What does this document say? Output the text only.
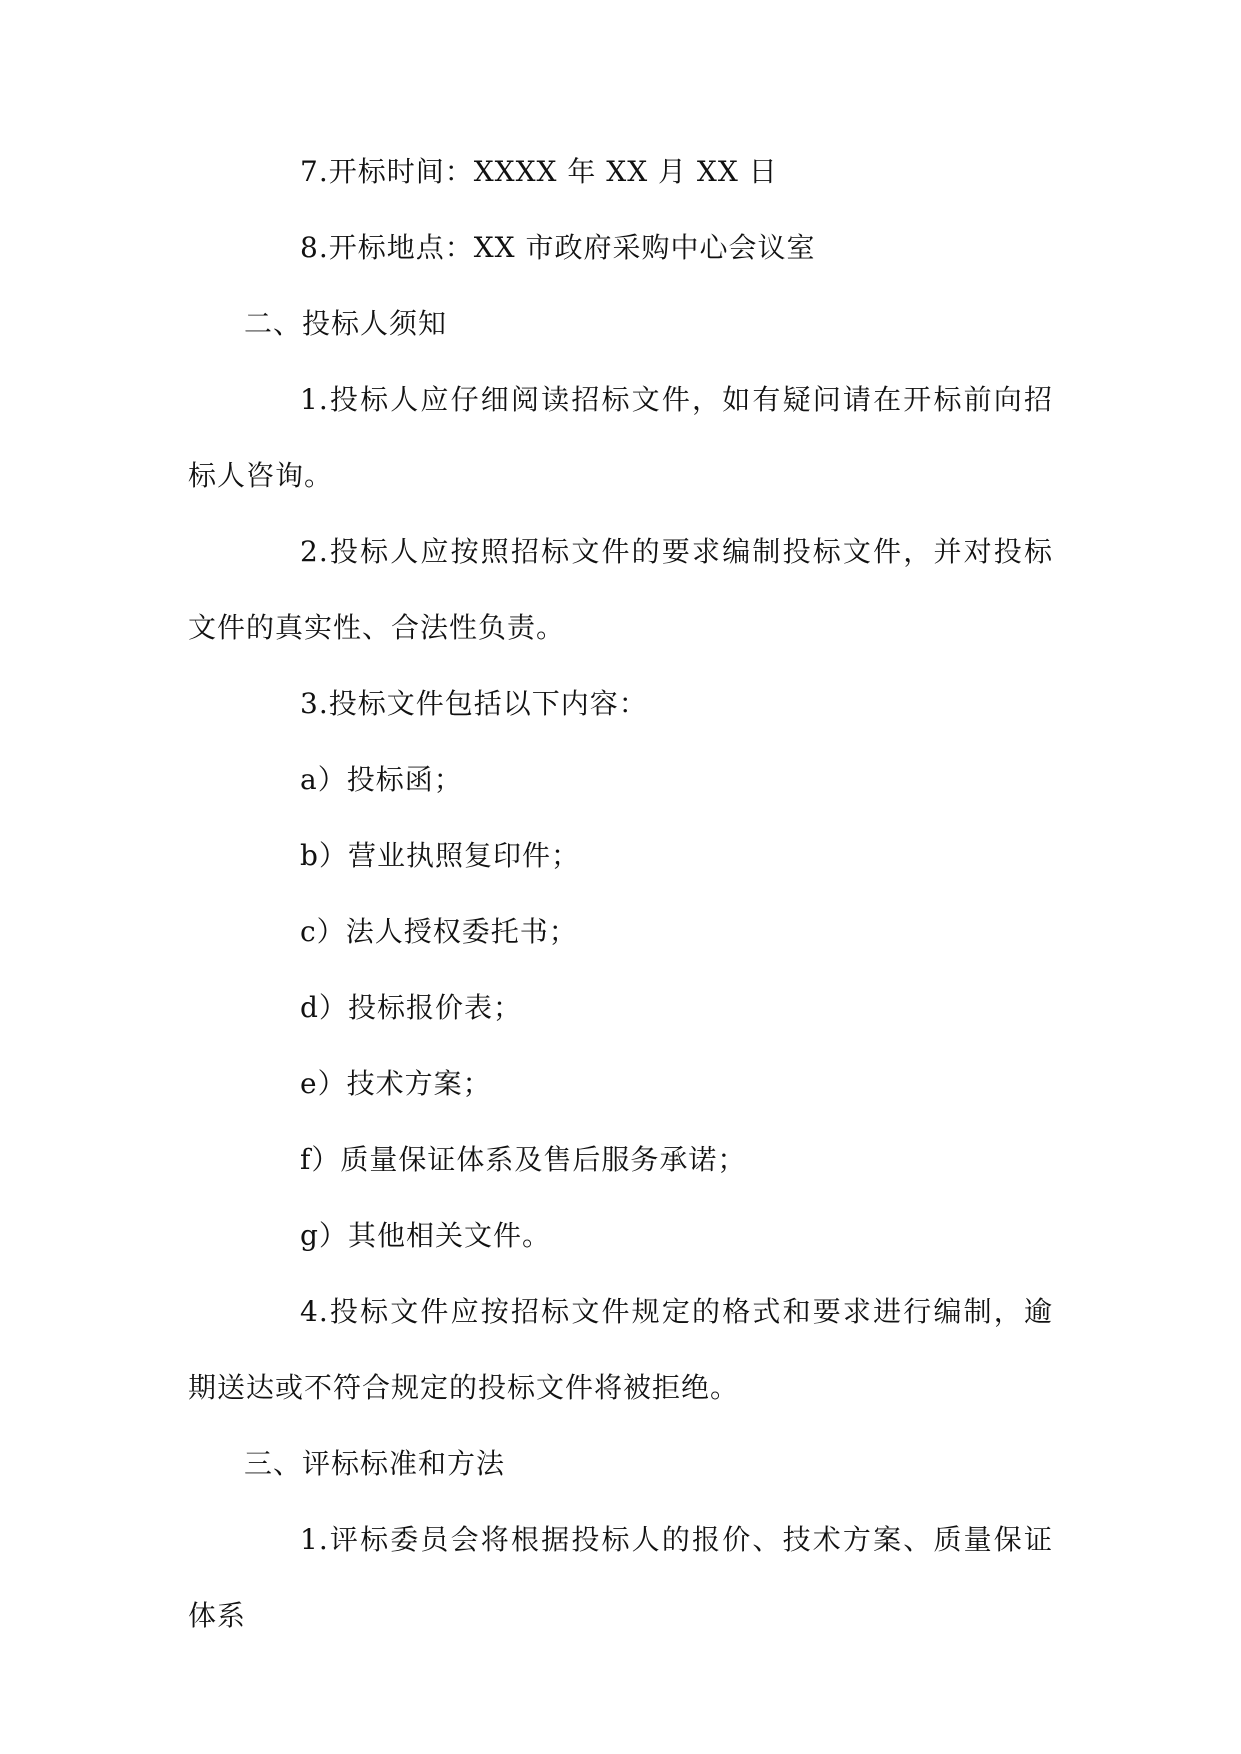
7.开标时间：XXXX 年 XX 月 XX 日

8.开标地点：XX 市政府采购中心会议室

二、投标人须知

1.投标人应仔细阅读招标文件，如有疑问请在开标前向招标人咨询。

2.投标人应按照招标文件的要求编制投标文件，并对投标文件的真实性、合法性负责。

3.投标文件包括以下内容：

a）投标函；

b）营业执照复印件；

c）法人授权委托书；

d）投标报价表；

e）技术方案；

f）质量保证体系及售后服务承诺；

g）其他相关文件。

4.投标文件应按招标文件规定的格式和要求进行编制，逾期送达或不符合规定的投标文件将被拒绝。

三、评标标准和方法

1.评标委员会将根据投标人的报价、技术方案、质量保证体系
